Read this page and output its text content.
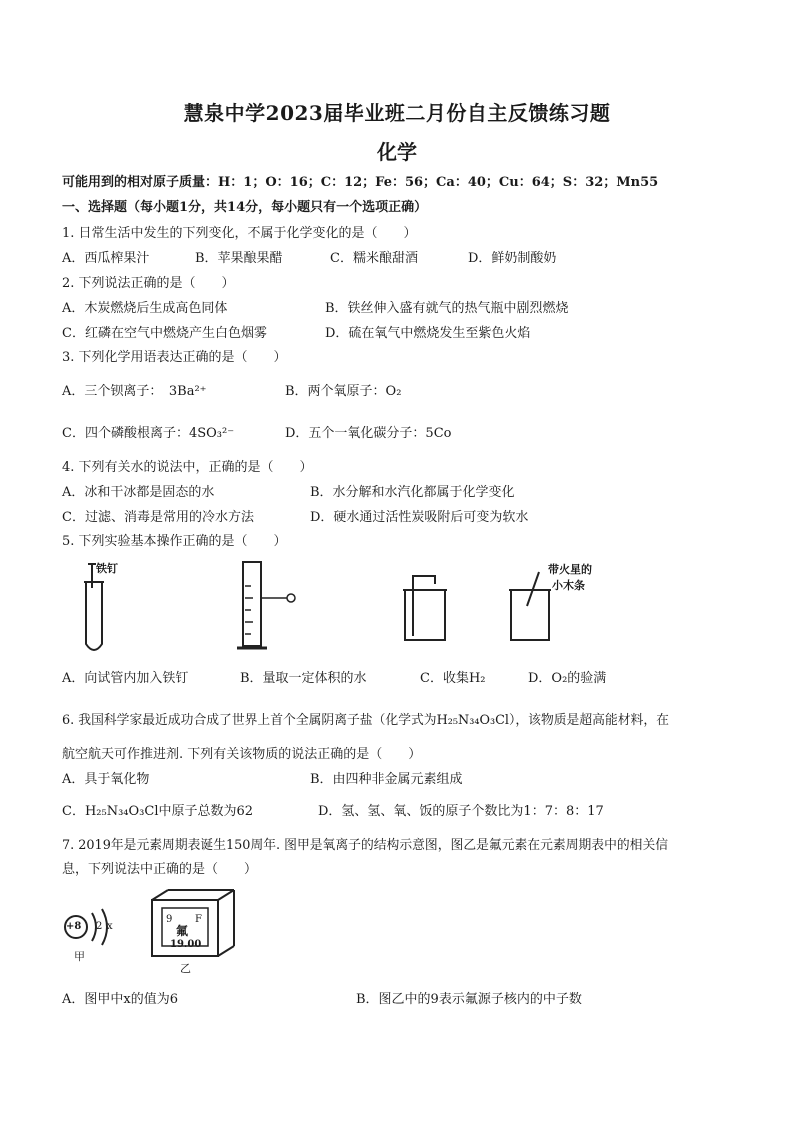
慧泉中学2023届毕业班二月份自主反馈练习题
化学
可能用到的相对原子质量：H：1；O：16；C：12；Fe：56；Ca：40；Cu：64；S：32；Mn55
一、选择题（每小题1分，共14分，每小题只有一个选项正确）
1. 日常生活中发生的下列变化，不属于化学变化的是（　　）
A．西瓜榨果汁	B．苹果酿果醋	C．糯米酿甜酒	D．鲜奶制酸奶
2. 下列说法正确的是（　　）
A．木炭燃烧后生成高色同体	B．铁丝伸入盛有就气的热气瓶中剧烈燃烧
C．红磷在空气中燃烧产生白色烟雾	D．硫在氧气中燃烧发生至紫色火焰
3. 下列化学用语表达正确的是（　　）
A．三个钡离子：　3Ba²⁺	B．两个氧原子：O₂
C．四个磷酸根离子：4SO₃²⁻	D．五个一氧化碳分子：5Co
4. 下列有关水的说法中，正确的是（　　）
A．冰和干冰都是固态的水	B．水分解和水汽化都属于化学变化
C．过滤、消毒是常用的冷水方法	D．硬水通过活性炭吸附后可变为软水
5. 下列实验基本操作正确的是（　　）
铁钉	带火星的
小木条
A．向试管内加入铁钉	B．量取一定体积的水	C．收集H₂	D．O₂的验满
6. 我国科学家最近成功合成了世界上首个全属阴离子盐（化学式为H₂₅N₃₄O₃Cl），该物质是超高能材料，在
航空航天可作推进剂. 下列有关该物质的说法正确的是（　　）
A．具于氧化物	B．由四种非金属元素组成
C．H₂₅N₃₄O₃Cl中原子总数为62	D．氢、氢、氧、饭的原子个数比为1：7：8：17
7. 2019年是元素周期表诞生150周年. 图甲是氧离子的结构示意图，图乙是氟元素在元素周期表中的相关信
息，下列说法中正确的是（　　）
+8 2 x
甲
9 F
氟
19.00
乙
A．图甲中x的值为6	B．图乙中的9表示氟源子核内的中子数
